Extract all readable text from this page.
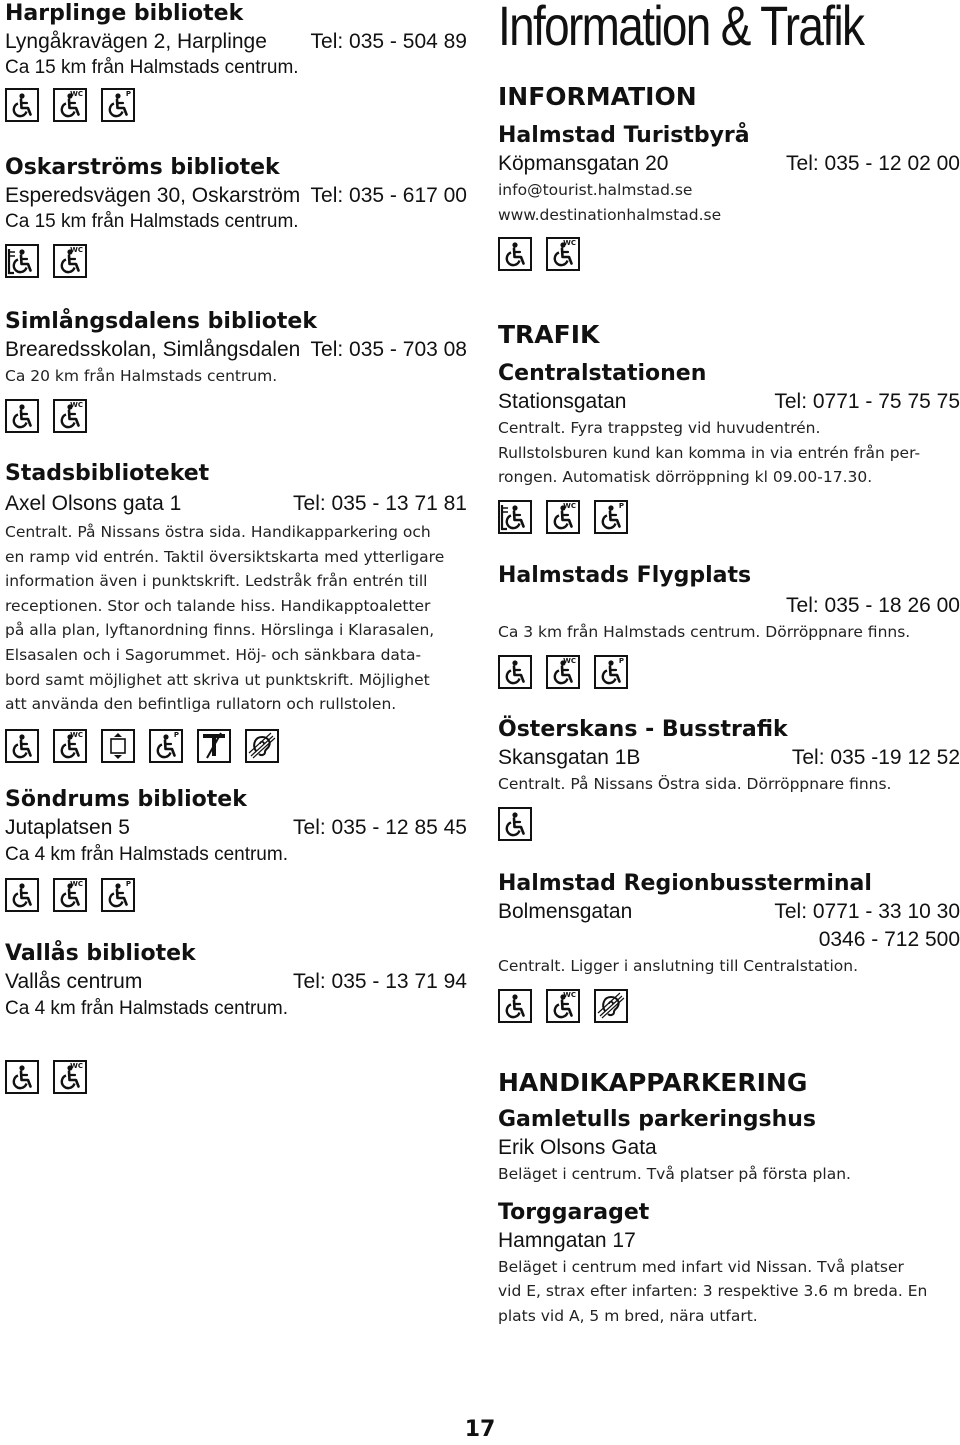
Harplinge bibliotek
Lyngåkravägen 2, Harplinge Tel: 035 - 504 89
Ca 15 km från Halmstads centrum.
WC	P
Oskarströms bibliotek
Esperedsvägen 30, Oskarström Tel: 035 - 617 00
Ca 15 km från Halmstads centrum.
WC
Simlångsdalens bibliotek
Brearedsskolan, Simlångsdalen Tel: 035 - 703 08
Ca 20 km från Halmstads centrum.
WC
Stadsbiblioteket
Axel Olsons gata 1	Tel: 035 - 13 71 81
Centralt. På Nissans östra sida. Handikapparkering och
en ramp vid entrén. Taktil översiktskarta med ytterligare
information även i punktskrift. Ledstråk från entrén till
receptionen. Stor och talande hiss. Handikapptoaletter
på alla plan, lyftanordning finns. Hörslinga i Klarasalen,
Elsasalen och i Sagorummet. Höj- och sänkbara data-
bord samt möjlighet att skriva ut punktskrift. Möjlighet
att använda den befintliga rullatorn och rullstolen.
WC	P
Söndrums bibliotek
Jutaplatsen 5	Tel: 035 - 12 85 45
Ca 4 km från Halmstads centrum.
WC	P
Vallås bibliotek
Vallås centrum	Tel: 035 - 13 71 94
Ca 4 km från Halmstads centrum.
WC
Information & Trafik
INFORMATION
Halmstad Turistbyrå
Köpmansgatan 20	Tel: 035 - 12 02 00
info@tourist.halmstad.se
www.destinationhalmstad.se
WC
TRAFIK
Centralstationen
Stationsgatan	Tel: 0771 - 75 75 75
Centralt. Fyra trappsteg vid huvudentrén.
Rullstolsburen kund kan komma in via entrén från per-
rongen. Automatisk dörröppning kl 09.00-17.30.
WC	P
Halmstads Flygplats
Tel: 035 - 18 26 00
Ca 3 km från Halmstads centrum. Dörröppnare finns.
WC	P
Österskans - Busstrafik
Skansgatan 1B	Tel: 035 -19 12 52
Centralt. På Nissans Östra sida. Dörröppnare finns.
Halmstad Regionbussterminal
Bolmensgatan	Tel: 0771 - 33 10 30
0346 - 712 500
Centralt. Ligger i anslutning till Centralstation.
WC
HANDIKAPPARKERING
Gamletulls parkeringshus
Erik Olsons Gata
Beläget i centrum. Två platser på första plan.
Torggaraget
Hamngatan 17
Beläget i centrum med infart vid Nissan. Två platser
vid E, strax efter infarten: 3 respektive 3.6 m breda. En
plats vid A, 5 m bred, nära utfart.
17
